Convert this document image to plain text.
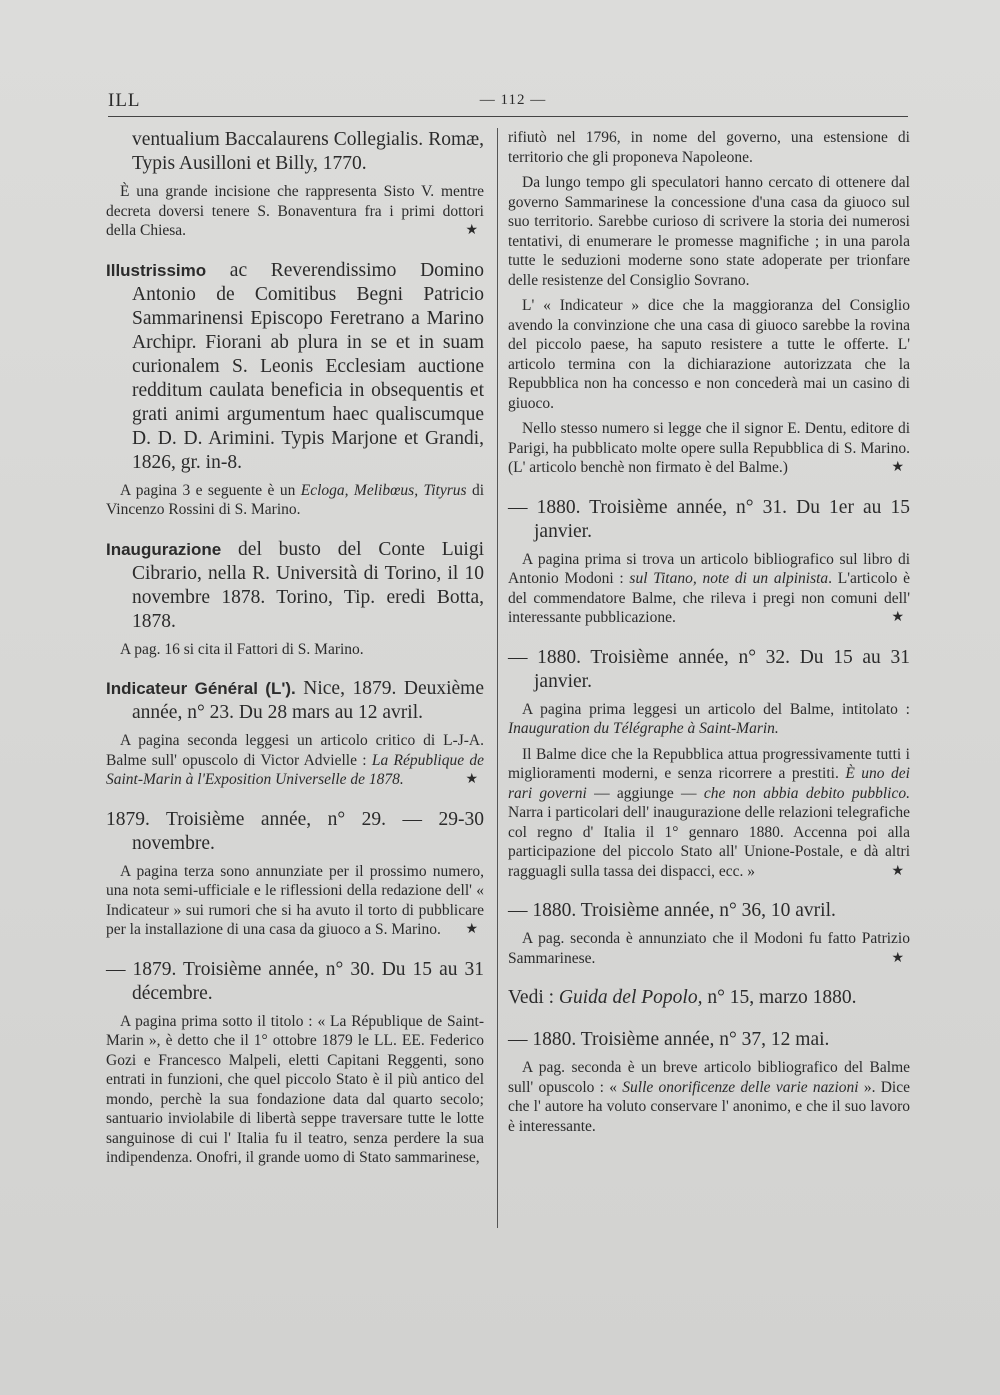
ILL	— 112 —

ventualium Baccalaurens Collegialis. Romæ, Typis Ausilloni et Billy, 1770.

È una grande incisione che rappresenta Sisto V. mentre decreta doversi tenere S. Bonaventura fra i primi dottori della Chiesa.	★

Illustrissimo ac Reverendissimo Domino Antonio de Comitibus Begni Patricio Sammarinensi Episcopo Feretrano a Marino Archipr. Fiorani ab plura in se et in suam curionalem S. Leonis Ecclesiam auctione redditum caulata beneficia in obsequentis et grati animi argumentum haec qualiscumque D. D. D. Arimini. Typis Marjone et Grandi, 1826, gr. in-8.

A pagina 3 e seguente è un Ecloga, Melibœus, Tityrus di Vincenzo Rossini di S. Marino.

Inaugurazione del busto del Conte Luigi Cibrario, nella R. Università di Torino, il 10 novembre 1878. Torino, Tip. eredi Botta, 1878.

A pag. 16 si cita il Fattori di S. Marino.

Indicateur Général (L'). Nice, 1879. Deuxième année, n° 23. Du 28 mars au 12 avril.

A pagina seconda leggesi un articolo critico di L-J-A. Balme sull' opuscolo di Victor Advielle : La République de Saint-Marin à l'Exposition Universelle de 1878.	★

1879. Troisième année, n° 29. — 29-30 novembre.

A pagina terza sono annunziate per il prossimo numero, una nota semi-ufficiale e le riflessioni della redazione dell' « Indicateur » sui rumori che si ha avuto il torto di pubblicare per la installazione di una casa da giuoco a S. Marino.	★

— 1879. Troisième année, n° 30. Du 15 au 31 décembre.

A pagina prima sotto il titolo : « La République de Saint-Marin », è detto che il 1° ottobre 1879 le LL. EE. Federico Gozi e Francesco Malpeli, eletti Capitani Reggenti, sono entrati in funzioni, che quel piccolo Stato è il più antico del mondo, perchè la sua fondazione data dal quarto secolo; santuario inviolabile di libertà seppe traversare tutte le lotte sanguinose di cui l' Italia fu il teatro, senza perdere la sua indipendenza. Onofri, il grande uomo di Stato sammarinese,

rifiutò nel 1796, in nome del governo, una estensione di territorio che gli proponeva Napoleone.

Da lungo tempo gli speculatori hanno cercato di ottenere dal governo Sammarinese la concessione d'una casa da giuoco sul suo territorio. Sarebbe curioso di scrivere la storia dei numerosi tentativi, di enumerare le promesse magnifiche ; in una parola tutte le seduzioni moderne sono state adoperate per trionfare delle resistenze del Consiglio Sovrano.

L' « Indicateur » dice che la maggioranza del Consiglio avendo la convinzione che una casa di giuoco sarebbe la rovina del piccolo paese, ha saputo resistere a tutte le offerte. L' articolo termina con la dichiarazione autorizzata che la Repubblica non ha concesso e non concederà mai un casino di giuoco.

Nello stesso numero si legge che il signor E. Dentu, editore di Parigi, ha pubblicato molte opere sulla Repubblica di S. Marino. (L' articolo benchè non firmato è del Balme.)	★

— 1880. Troisième année, n° 31. Du 1er au 15 janvier.

A pagina prima si trova un articolo bibliografico sul libro di Antonio Modoni : sul Titano, note di un alpinista. L'articolo è del commendatore Balme, che rileva i pregi non comuni dell' interessante pubblicazione.	★

— 1880. Troisième année, n° 32. Du 15 au 31 janvier.

A pagina prima leggesi un articolo del Balme, intitolato : Inauguration du Télégraphe à Saint-Marin.

Il Balme dice che la Repubblica attua progressivamente tutti i miglioramenti moderni, e senza ricorrere a prestiti. È uno dei rari governi — aggiunge — che non abbia debito pubblico. Narra i particolari dell' inaugurazione delle relazioni telegrafiche col regno d' Italia il 1° gennaro 1880. Accenna poi alla participazione del piccolo Stato all' Unione-Postale, e dà altri ragguagli sulla tassa dei dispacci, ecc. »	★

— 1880. Troisième année, n° 36, 10 avril.

A pag. seconda è annunziato che il Modoni fu fatto Patrizio Sammarinese.	★

Vedi : Guida del Popolo, n° 15, marzo 1880.

— 1880. Troisième année, n° 37, 12 mai.

A pag. seconda è un breve articolo bibliografico del Balme sull' opuscolo : « Sulle onorificenze delle varie nazioni ». Dice che l' autore ha voluto conservare l' anonimo, e che il suo lavoro è interessante.
